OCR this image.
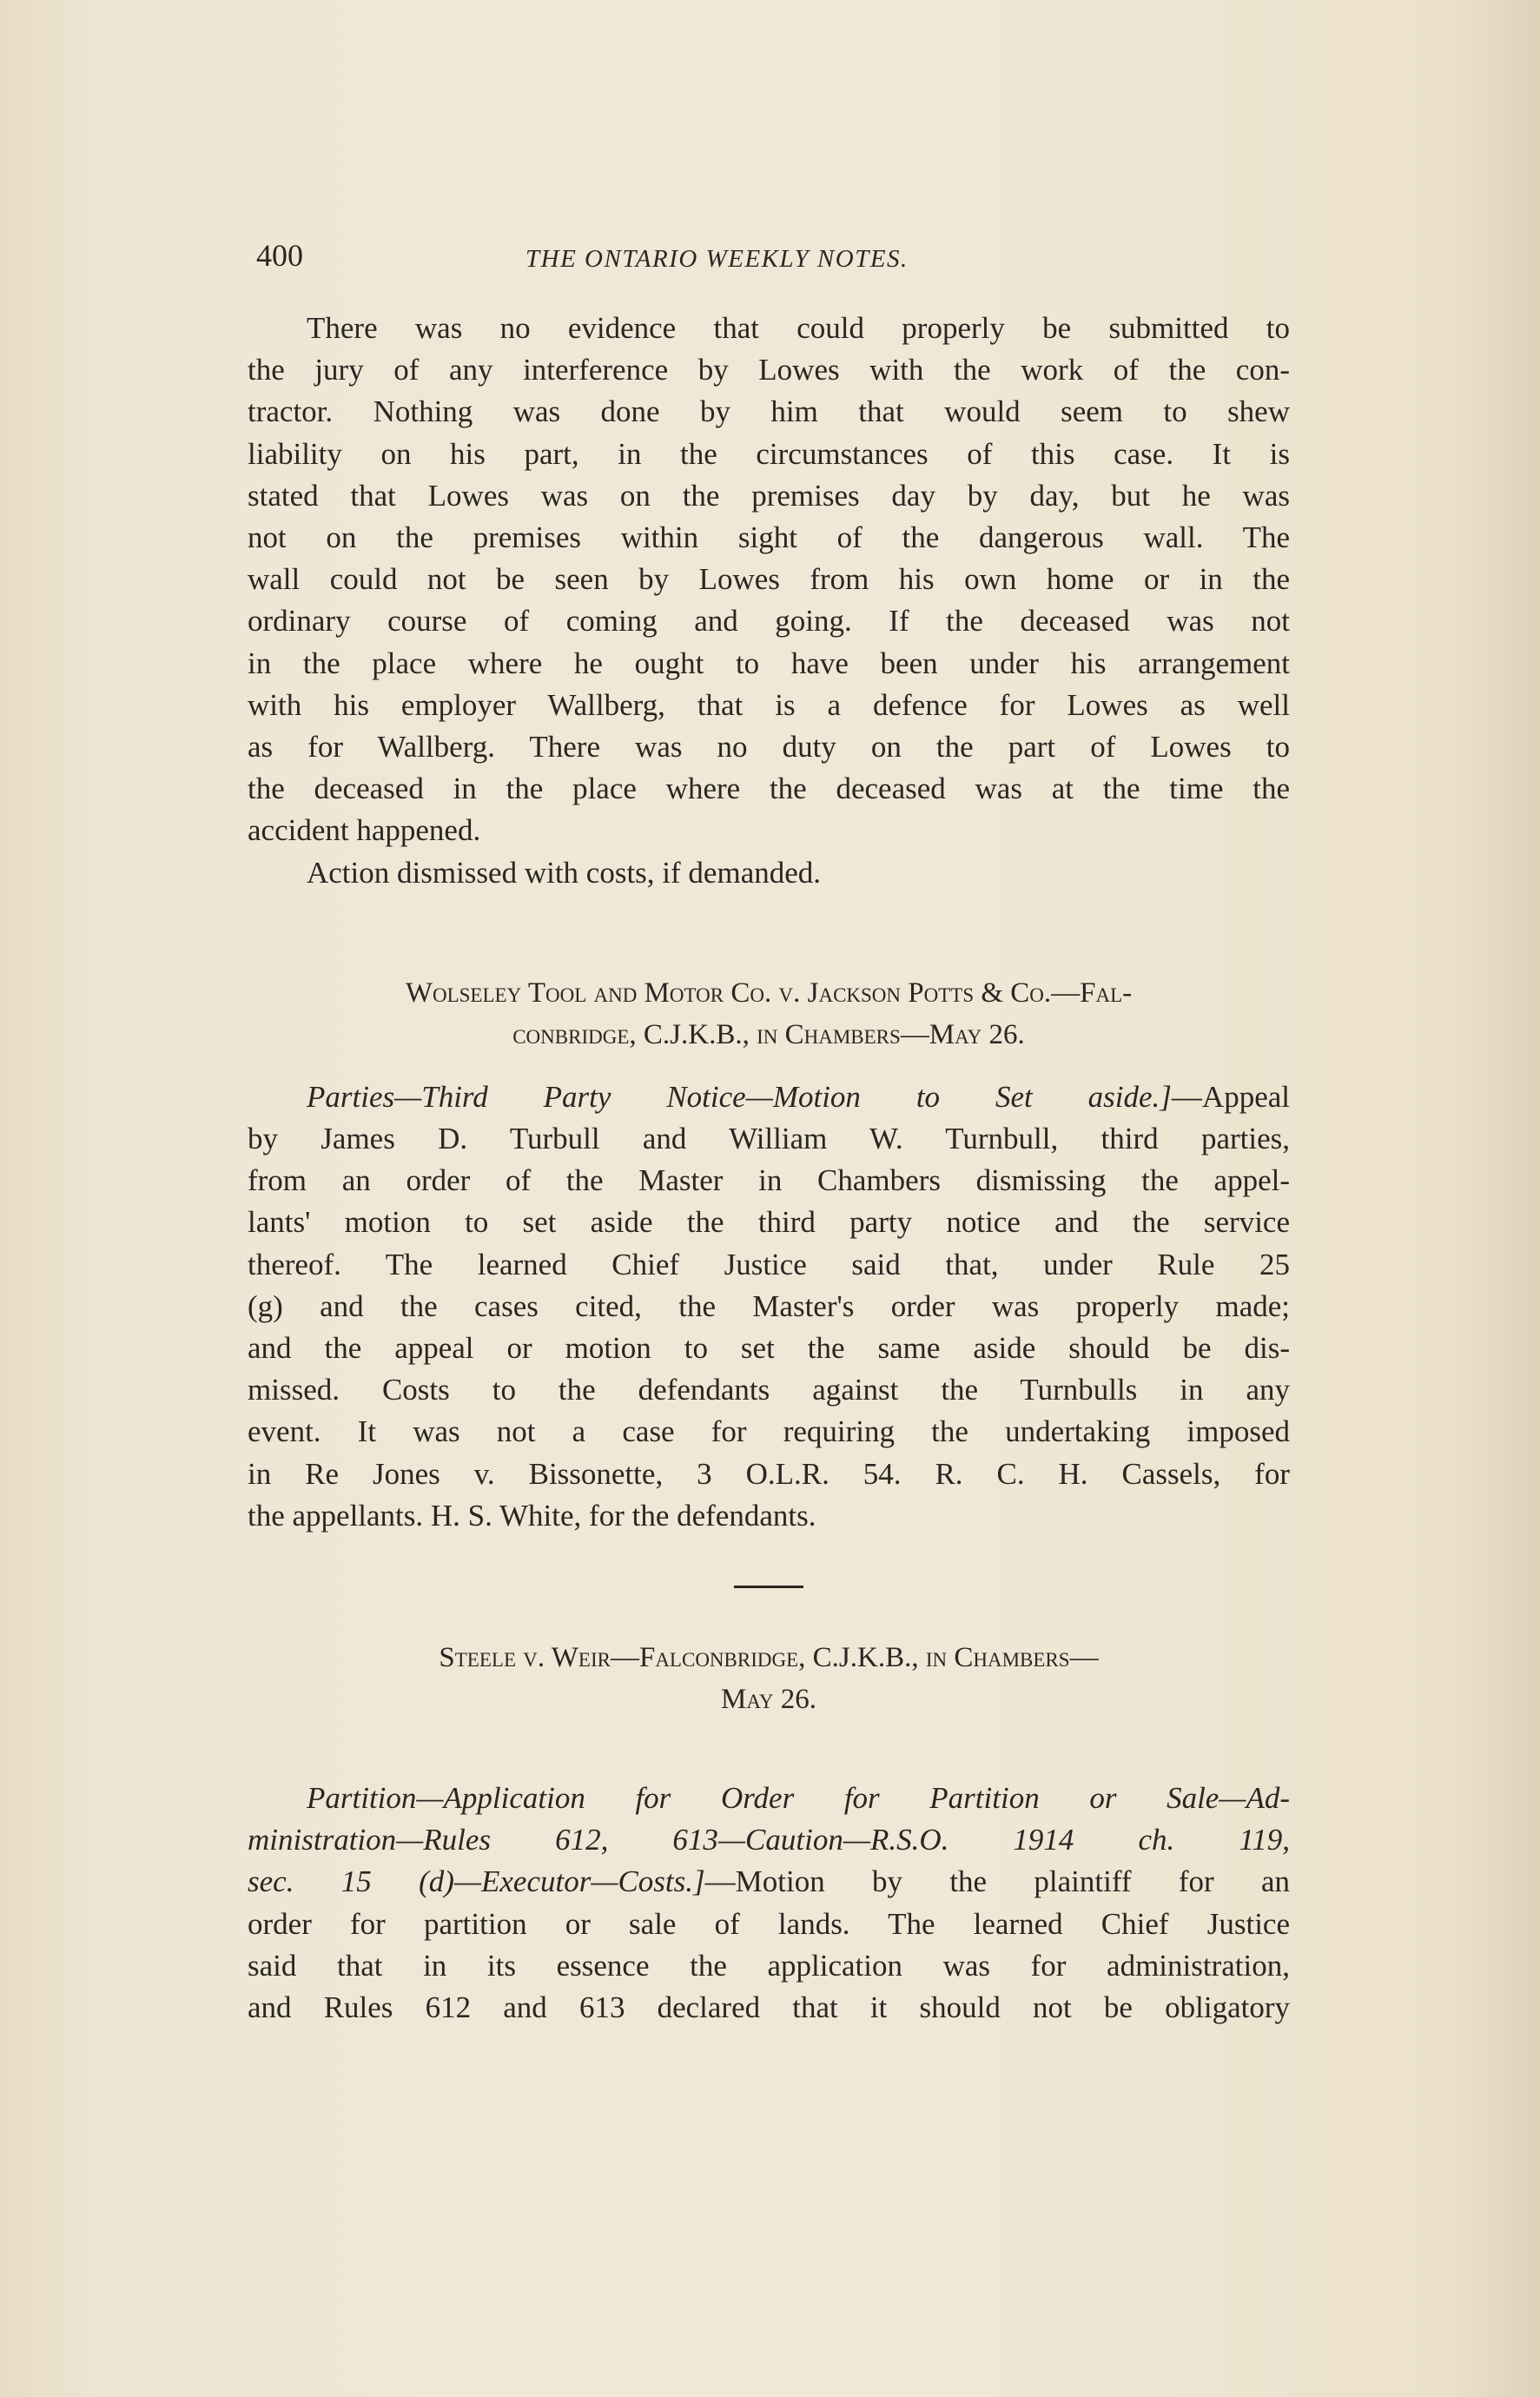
400	THE ONTARIO WEEKLY NOTES.
There was no evidence that could properly be submitted to
the jury of any interference by Lowes with the work of the con-
tractor. Nothing was done by him that would seem to shew
liability on his part, in the circumstances of this case. It is
stated that Lowes was on the premises day by day, but he was
not on the premises within sight of the dangerous wall. The
wall could not be seen by Lowes from his own home or in the
ordinary course of coming and going. If the deceased was not
in the place where he ought to have been under his arrangement
with his employer Wallberg, that is a defence for Lowes as well
as for Wallberg. There was no duty on the part of Lowes to
the deceased in the place where the deceased was at the time the
accident happened.
Action dismissed with costs, if demanded.
Wolseley Tool and Motor Co. v. Jackson Potts & Co.—Fal-
conbridge, C.J.K.B., in Chambers—May 26.
Parties—Third Party Notice—Motion to Set aside.]—Appeal
by James D. Turbull and William W. Turnbull, third parties,
from an order of the Master in Chambers dismissing the appel-
lants' motion to set aside the third party notice and the service
thereof. The learned Chief Justice said that, under Rule 25
(g) and the cases cited, the Master's order was properly made;
and the appeal or motion to set the same aside should be dis-
missed. Costs to the defendants against the Turnbulls in any
event. It was not a case for requiring the undertaking imposed
in Re Jones v. Bissonette, 3 O.L.R. 54. R. C. H. Cassels, for
the appellants. H. S. White, for the defendants.
Steele v. Weir—Falconbridge, C.J.K.B., in Chambers—
May 26.
Partition—Application for Order for Partition or Sale—Ad-
ministration—Rules 612, 613—Caution—R.S.O. 1914 ch. 119,
sec. 15 (d)—Executor—Costs.]—Motion by the plaintiff for an
order for partition or sale of lands. The learned Chief Justice
said that in its essence the application was for administration,
and Rules 612 and 613 declared that it should not be obligatory
